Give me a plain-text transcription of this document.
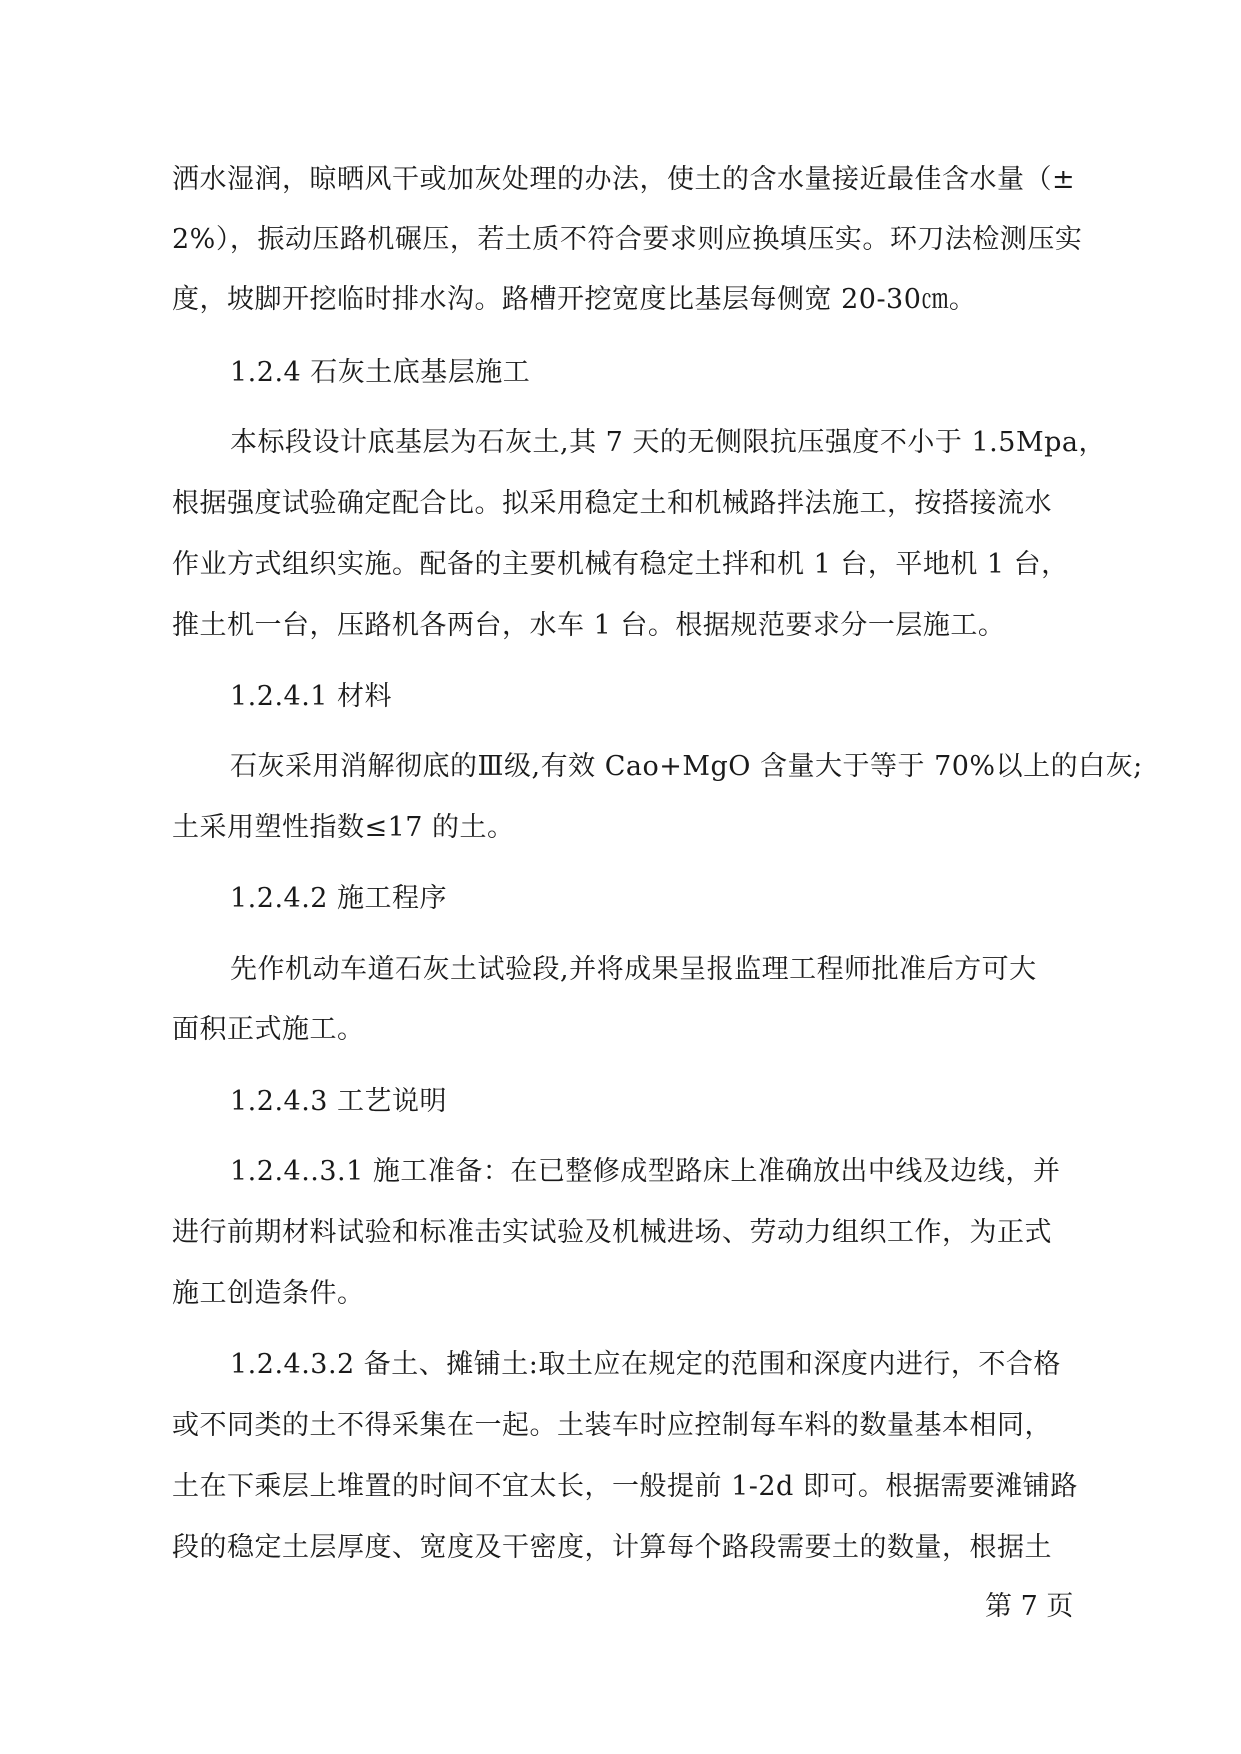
洒水湿润，晾晒风干或加灰处理的办法，使土的含水量接近最佳含水量（±
2%），振动压路机碾压，若土质不符合要求则应换填压实。环刀法检测压实
度，坡脚开挖临时排水沟。路槽开挖宽度比基层每侧宽 20-30㎝。
1.2.4 石灰土底基层施工
本标段设计底基层为石灰土,其 7 天的无侧限抗压强度不小于 1.5Mpa，
根据强度试验确定配合比。拟采用稳定土和机械路拌法施工，按搭接流水
作业方式组织实施。配备的主要机械有稳定土拌和机 1 台，平地机 1 台，
推土机一台，压路机各两台，水车 1 台。根据规范要求分一层施工。
1.2.4.1 材料
石灰采用消解彻底的Ⅲ级,有效 Cao+MgO 含量大于等于 70%以上的白灰;
土采用塑性指数≤17 的土。
1.2.4.2 施工程序
先作机动车道石灰土试验段,并将成果呈报监理工程师批准后方可大
面积正式施工。
1.2.4.3 工艺说明
1.2.4..3.1 施工准备：在已整修成型路床上准确放出中线及边线，并
进行前期材料试验和标准击实试验及机械进场、劳动力组织工作，为正式
施工创造条件。
1.2.4.3.2 备土、摊铺土:取土应在规定的范围和深度内进行，不合格
或不同类的土不得采集在一起。土装车时应控制每车料的数量基本相同，
土在下乘层上堆置的时间不宜太长，一般提前 1-2d 即可。根据需要滩铺路
段的稳定土层厚度、宽度及干密度，计算每个路段需要土的数量，根据土
第 7 页
